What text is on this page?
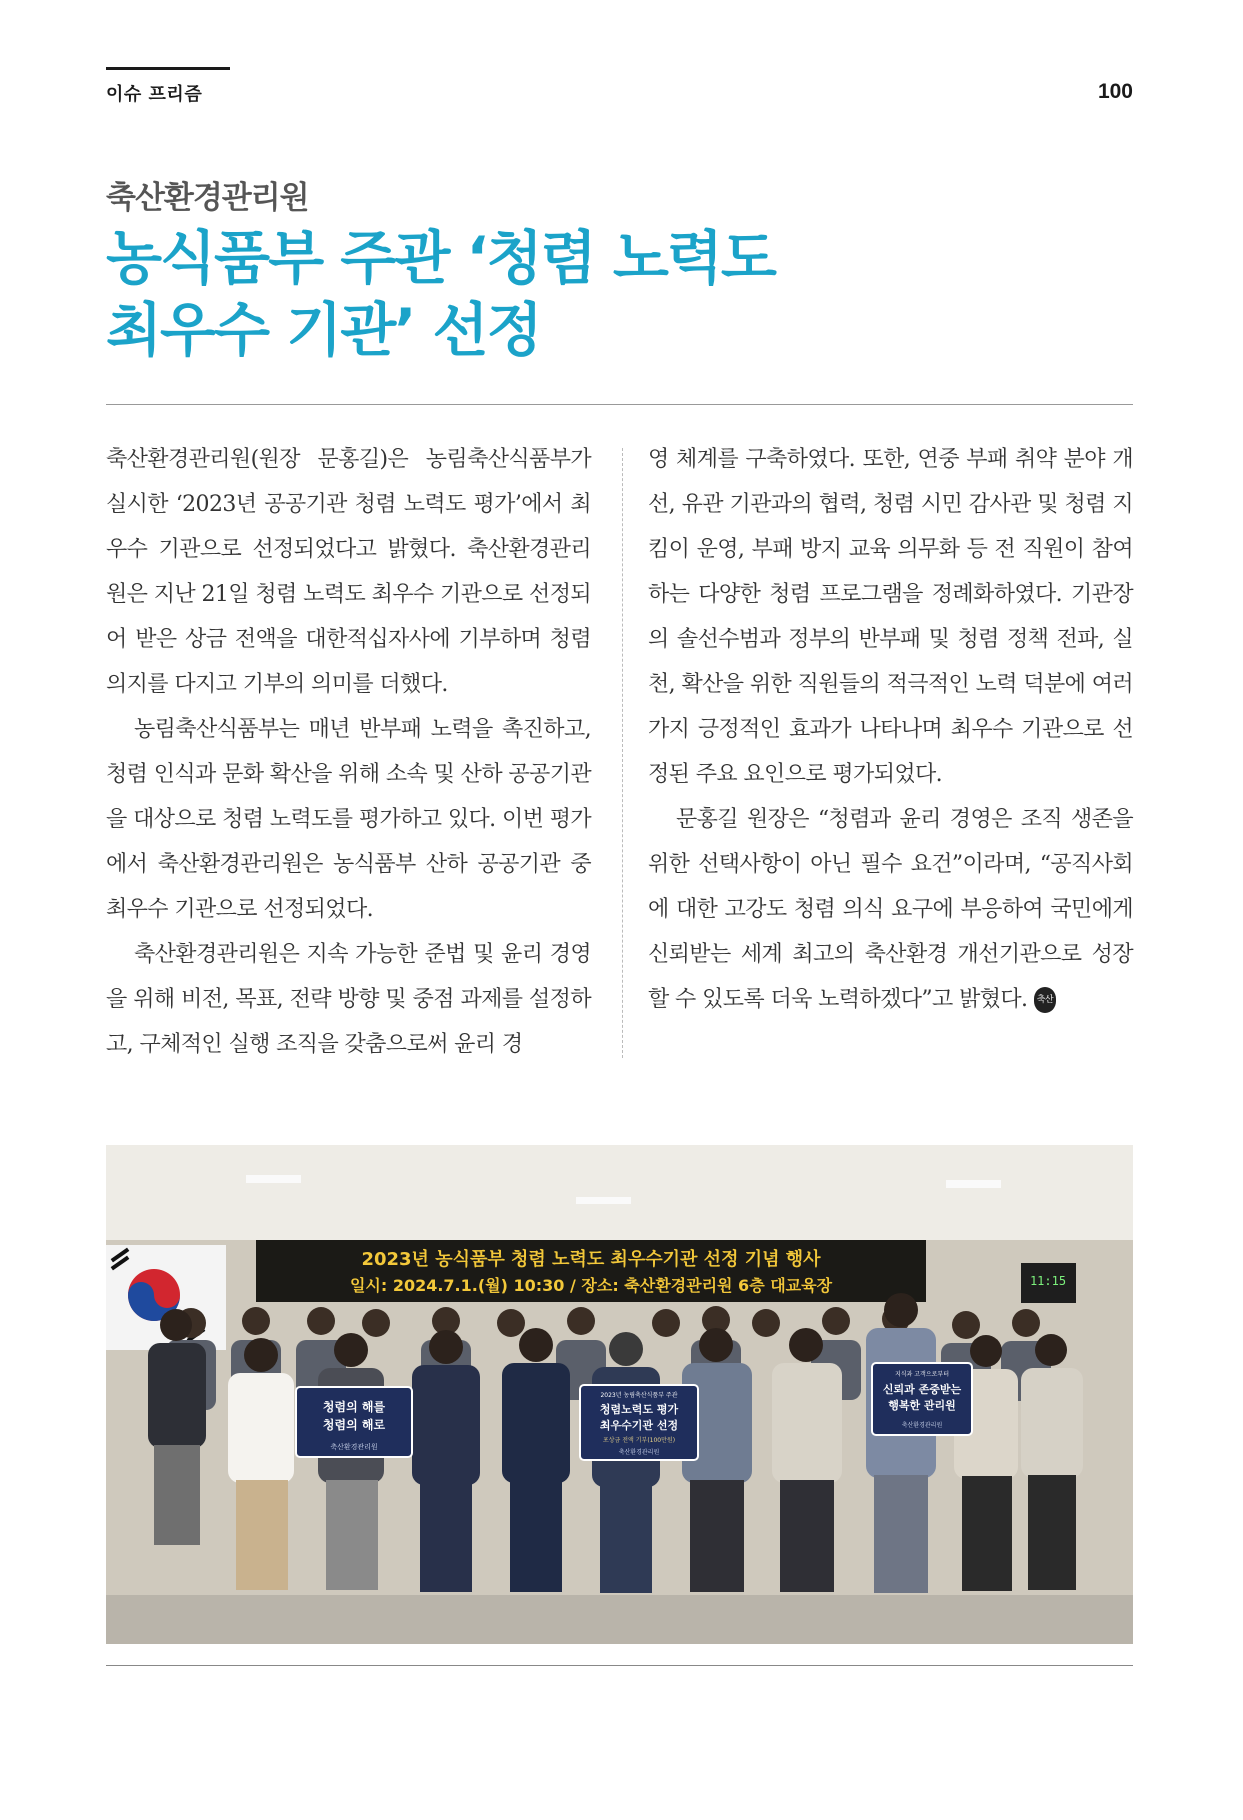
이슈 프리즘	100
축산환경관리원
농식품부 주관 ‘청렴 노력도
최우수 기관’ 선정

축산환경관리원(원장 문홍길)은 농림축산식품부가 실시한 ‘2023년 공공기관 청렴 노력도 평가’에서 최우수 기관으로 선정되었다고 밝혔다. 축산환경관리원은 지난 21일 청렴 노력도 최우수 기관으로 선정되어 받은 상금 전액을 대한적십자사에 기부하며 청렴 의지를 다지고 기부의 의미를 더했다.

농림축산식품부는 매년 반부패 노력을 촉진하고, 청렴 인식과 문화 확산을 위해 소속 및 산하 공공기관을 대상으로 청렴 노력도를 평가하고 있다. 이번 평가에서 축산환경관리원은 농식품부 산하 공공기관 중 최우수 기관으로 선정되었다.

축산환경관리원은 지속 가능한 준법 및 윤리 경영을 위해 비전, 목표, 전략 방향 및 중점 과제를 설정하고, 구체적인 실행 조직을 갖춤으로써 윤리 경

영 체계를 구축하였다. 또한, 연중 부패 취약 분야 개선, 유관 기관과의 협력, 청렴 시민 감사관 및 청렴 지킴이 운영, 부패 방지 교육 의무화 등 전 직원이 참여하는 다양한 청렴 프로그램을 정례화하였다. 기관장의 솔선수범과 정부의 반부패 및 청렴 정책 전파, 실천, 확산을 위한 직원들의 적극적인 노력 덕분에 여러 가지 긍정적인 효과가 나타나며 최우수 기관으로 선정된 주요 요인으로 평가되었다.

문홍길 원장은 “청렴과 윤리 경영은 조직 생존을 위한 선택사항이 아닌 필수 요건”이라며, “공직사회에 대한 고강도 청렴 의식 요구에 부응하여 국민에게 신뢰받는 세계 최고의 축산환경 개선기관으로 성장할 수 있도록 더욱 노력하겠다”고 밝혔다. 축산

2023년 농식품부 청렴 노력도 최우수기관 선정 기념 행사
일시: 2024.7.1.(월) 10:30 / 장소: 축산환경관리원 6층 대교육장	11:15
청렴의 해를
청렴의 해로
축산환경관리원
2023년 농림축산식품부 주관
청렴노력도 평가
최우수기관 선정
포상금 전액 기부(100만원)
축산환경관리원
지식과 고객으로부터
신뢰과 존중받는
행복한 관리원
축산환경관리원
